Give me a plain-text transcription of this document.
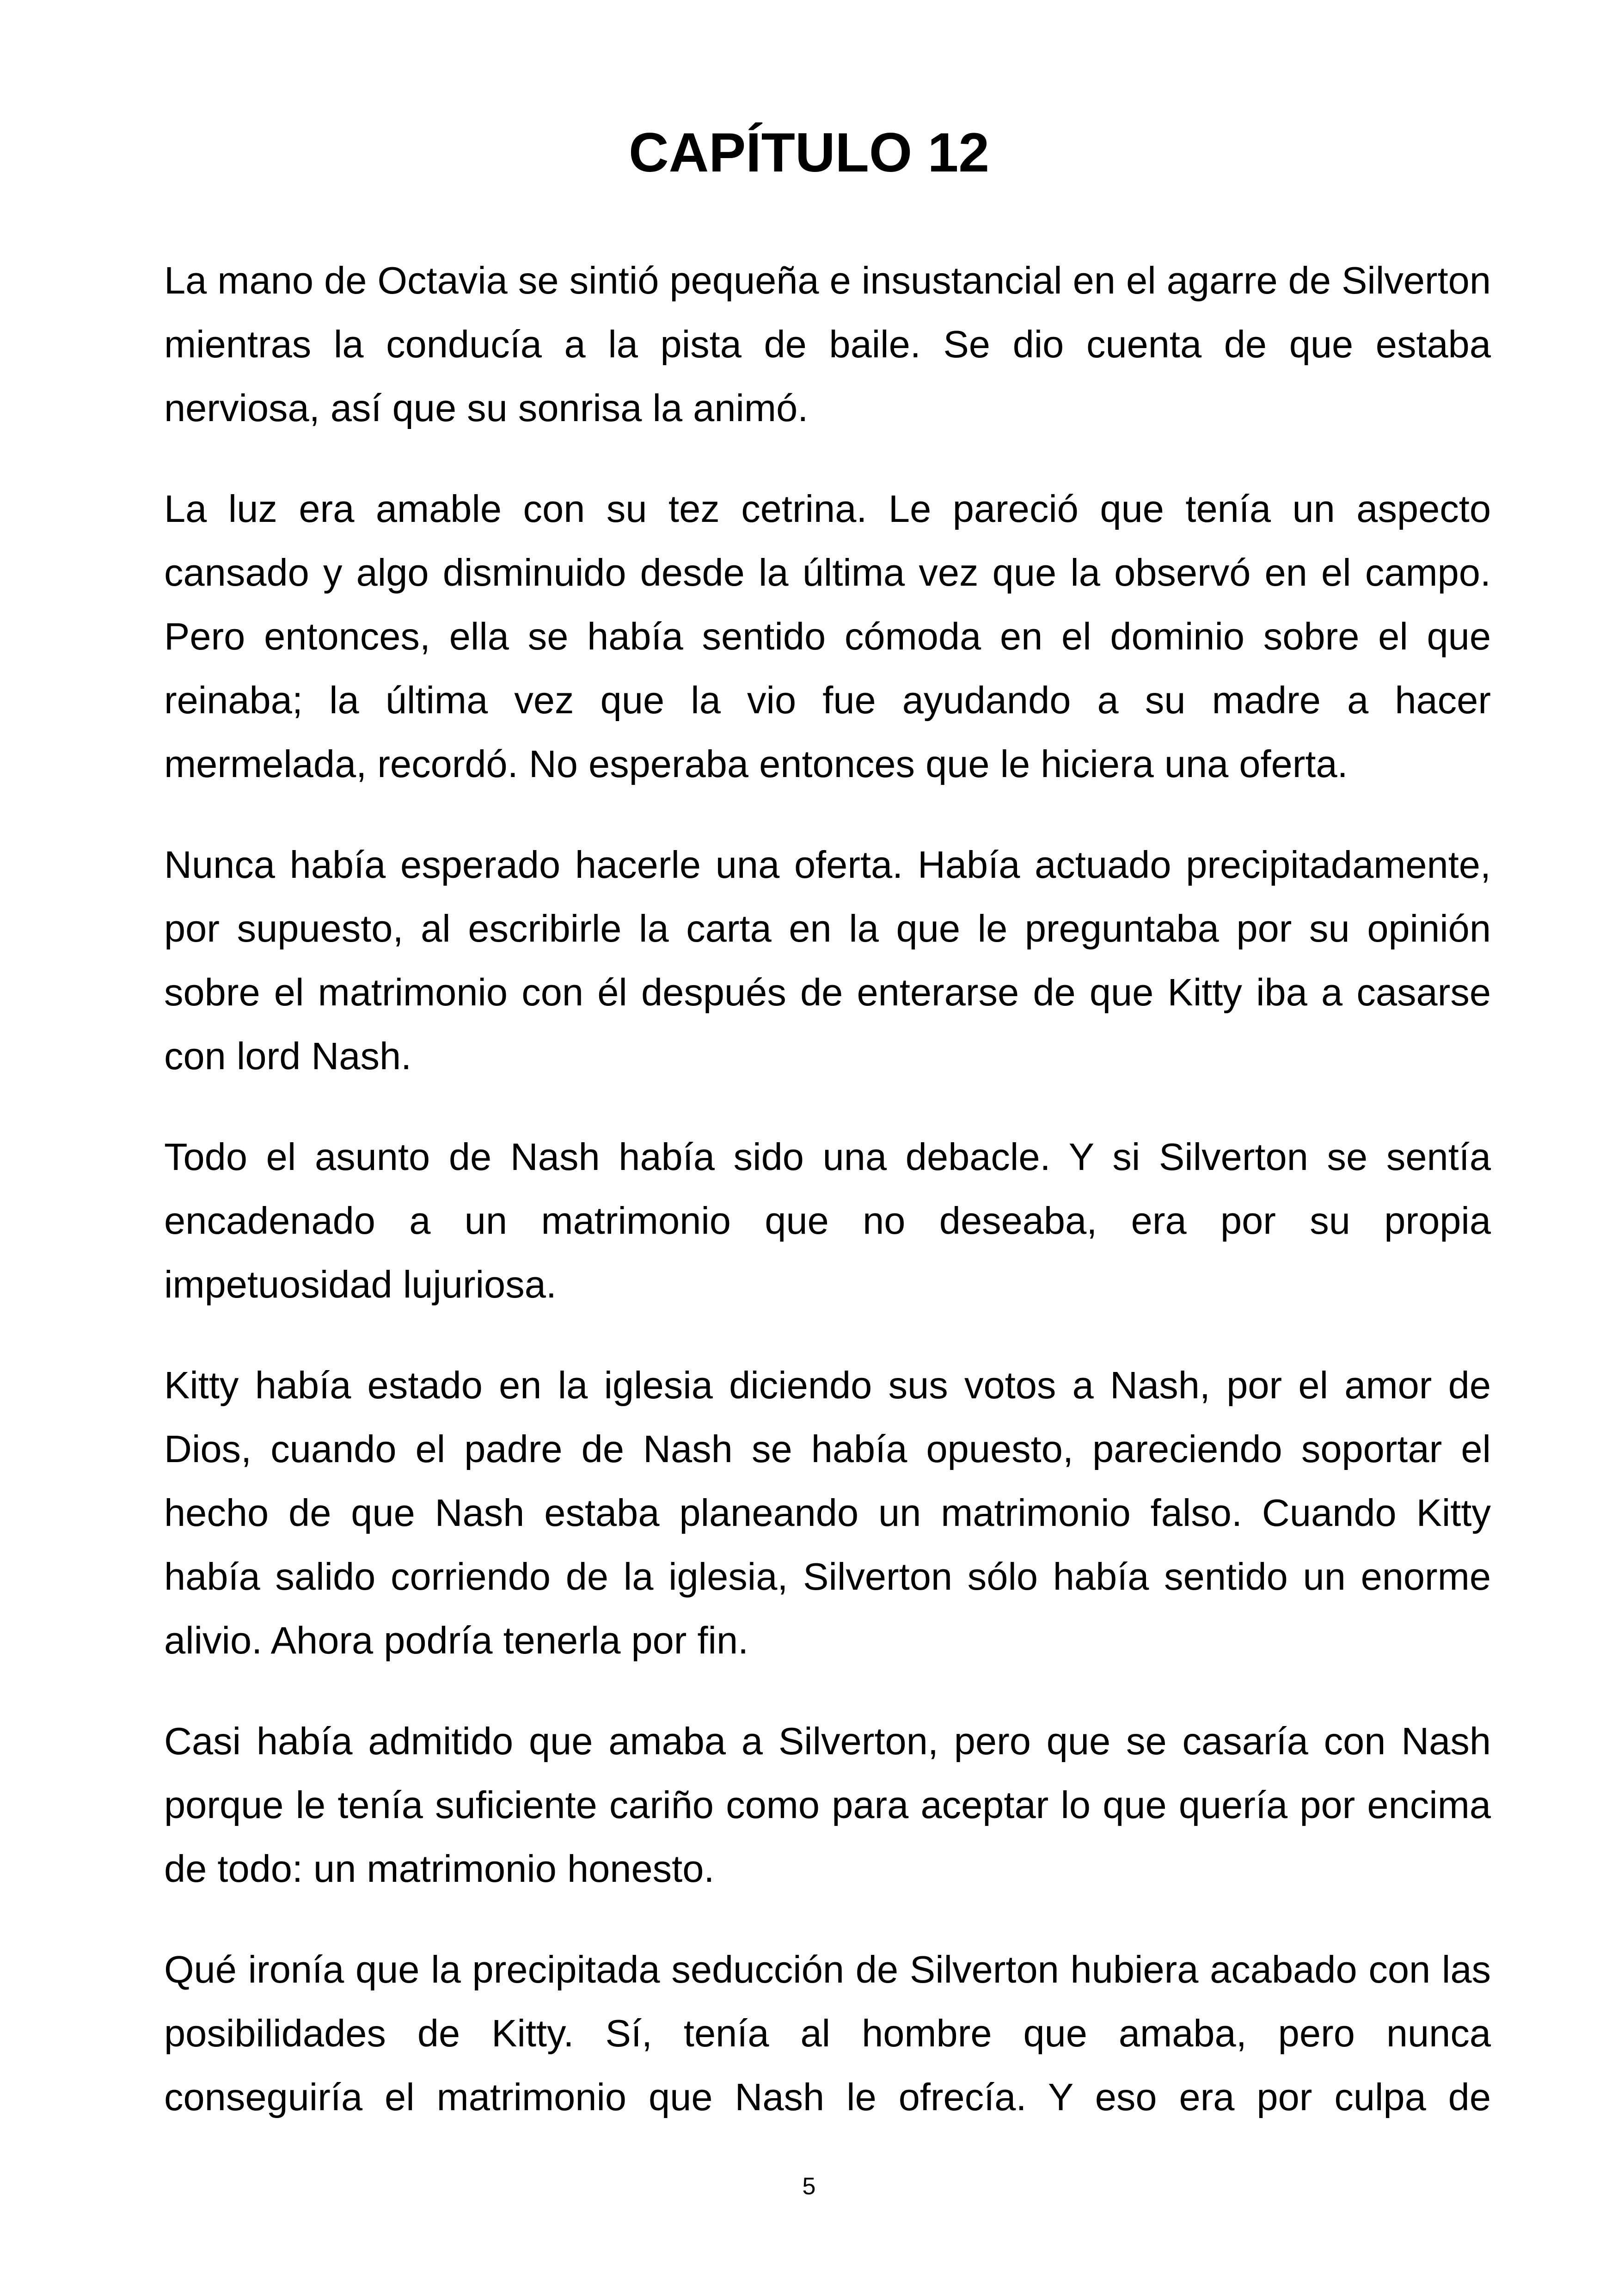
CAPÍTULO 12

La mano de Octavia se sintió pequeña e insustancial en el agarre de Silverton mientras la conducía a la pista de baile. Se dio cuenta de que estaba nerviosa, así que su sonrisa la animó.

La luz era amable con su tez cetrina. Le pareció que tenía un aspecto cansado y algo disminuido desde la última vez que la observó en el campo. Pero entonces, ella se había sentido cómoda en el dominio sobre el que reinaba; la última vez que la vio fue ayudando a su madre a hacer mermelada, recordó. No esperaba entonces que le hiciera una oferta.

Nunca había esperado hacerle una oferta. Había actuado precipitadamente, por supuesto, al escribirle la carta en la que le preguntaba por su opinión sobre el matrimonio con él después de enterarse de que Kitty iba a casarse con lord Nash.

Todo el asunto de Nash había sido una debacle. Y si Silverton se sentía encadenado a un matrimonio que no deseaba, era por su propia impetuosidad lujuriosa.

Kitty había estado en la iglesia diciendo sus votos a Nash, por el amor de Dios, cuando el padre de Nash se había opuesto, pareciendo soportar el hecho de que Nash estaba planeando un matrimonio falso. Cuando Kitty había salido corriendo de la iglesia, Silverton sólo había sentido un enorme alivio. Ahora podría tenerla por fin.

Casi había admitido que amaba a Silverton, pero que se casaría con Nash porque le tenía suficiente cariño como para aceptar lo que quería por encima de todo: un matrimonio honesto.

Qué ironía que la precipitada seducción de Silverton hubiera acabado con las posibilidades de Kitty. Sí, tenía al hombre que amaba, pero nunca conseguiría el matrimonio que Nash le ofrecía. Y eso era por culpa de

5
